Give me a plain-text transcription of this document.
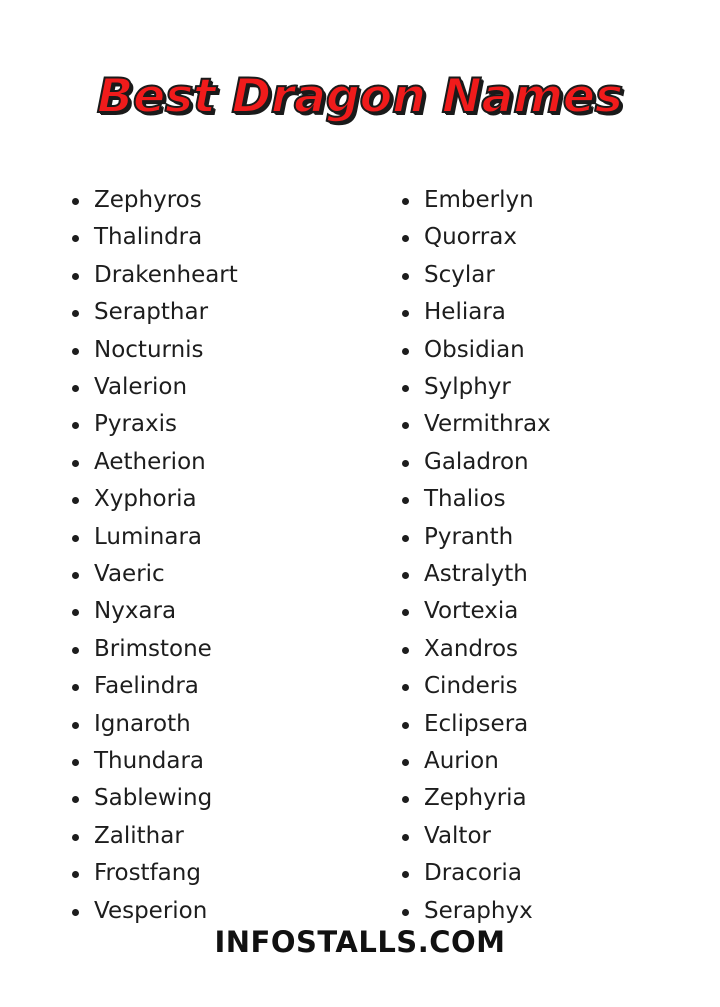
Best Dragon Names
Zephyros
Thalindra
Drakenheart
Serapthar
Nocturnis
Valerion
Pyraxis
Aetherion
Xyphoria
Luminara
Vaeric
Nyxara
Brimstone
Faelindra
Ignaroth
Thundara
Sablewing
Zalithar
Frostfang
Vesperion
Emberlyn
Quorrax
Scylar
Heliara
Obsidian
Sylphyr
Vermithrax
Galadron
Thalios
Pyranth
Astralyth
Vortexia
Xandros
Cinderis
Eclipsera
Aurion
Zephyria
Valtor
Dracoria
Seraphyx
INFOSTALLS.COM
